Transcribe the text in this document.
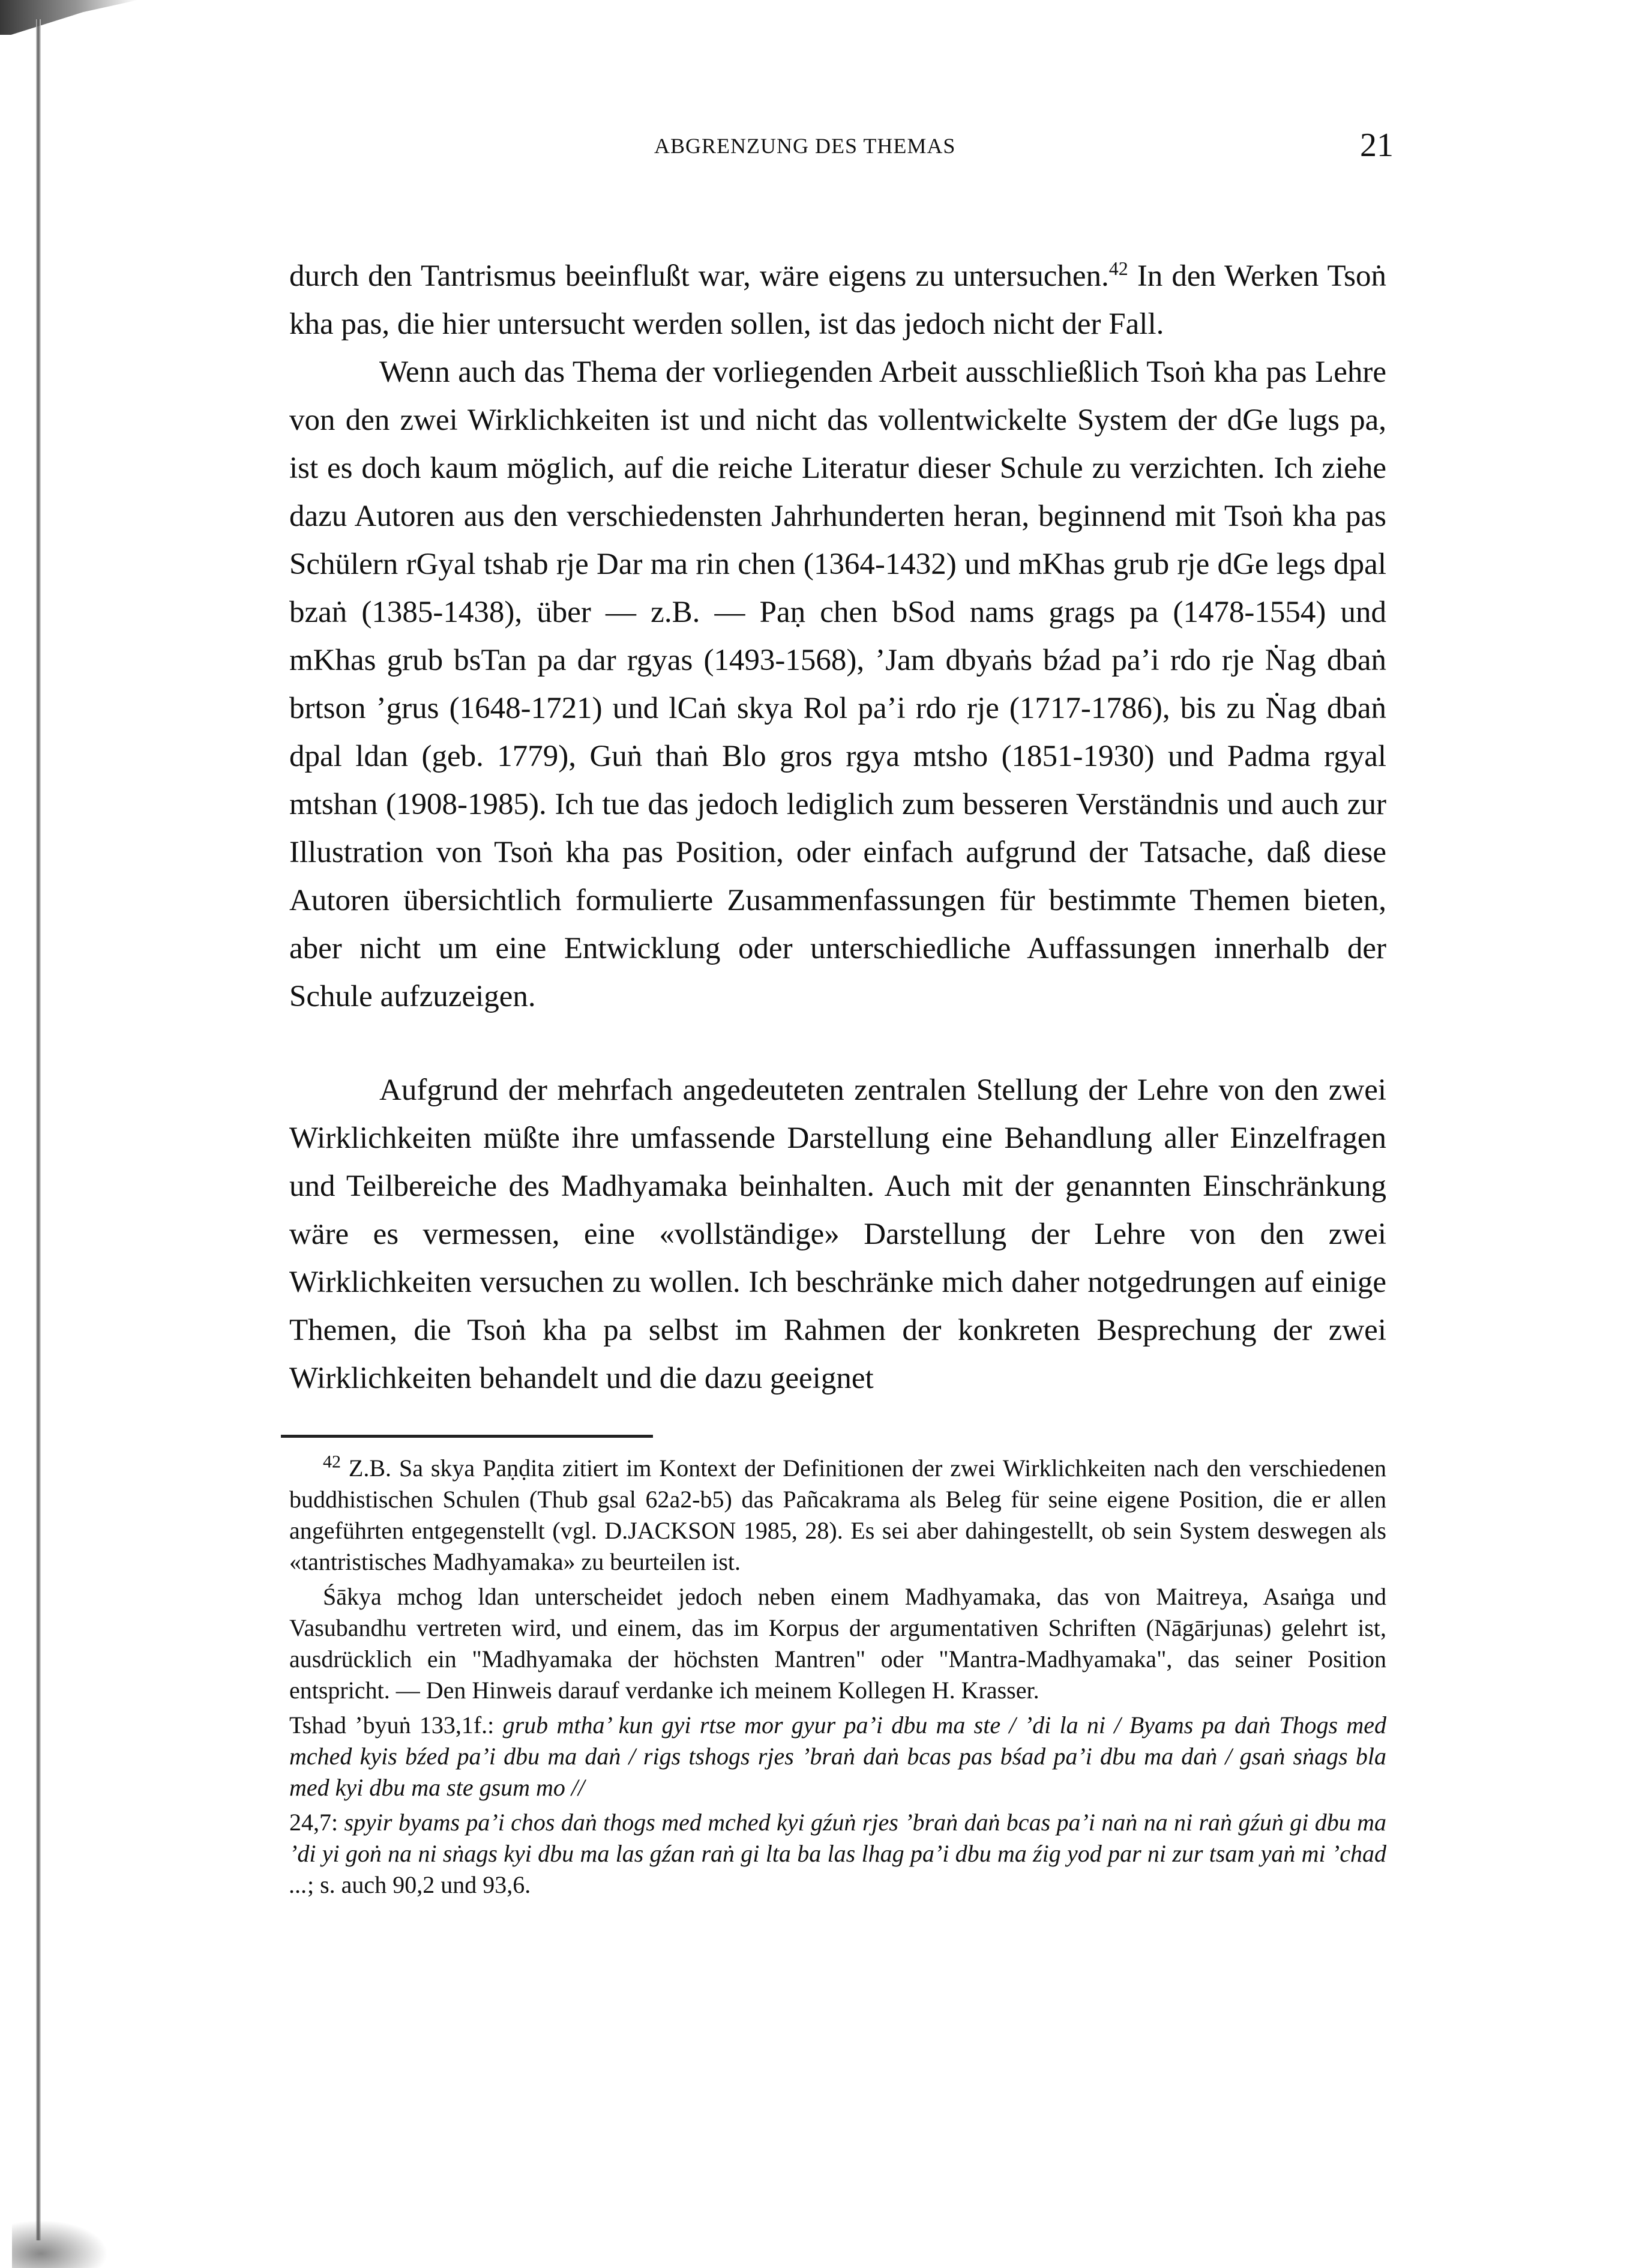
ABGRENZUNG DES THEMAS	21

durch den Tantrismus beeinflußt war, wäre eigens zu untersuchen.$^{42}$ In den Werken Tsoṅ kha pas, die hier untersucht werden sollen, ist das jedoch nicht der Fall.

Wenn auch das Thema der vorliegenden Arbeit ausschließlich Tsoṅ kha pas Lehre von den zwei Wirklichkeiten ist und nicht das vollentwickelte System der dGe lugs pa, ist es doch kaum möglich, auf die reiche Literatur dieser Schule zu verzichten. Ich ziehe dazu Autoren aus den verschiedensten Jahrhunderten heran, beginnend mit Tsoṅ kha pas Schülern rGyal tshab rje Dar ma rin chen (1364-1432) und mKhas grub rje dGe legs dpal bzaṅ (1385-1438), über — z.B. — Paṇ chen bSod nams grags pa (1478-1554) und mKhas grub bsTan pa dar rgyas (1493-1568), ’Jam dbyaṅs bźad pa’i rdo rje Ṅag dbaṅ brtson ’grus (1648-1721) und lCaṅ skya Rol pa’i rdo rje (1717-1786), bis zu Ṅag dbaṅ dpal ldan (geb. 1779), Guṅ thaṅ Blo gros rgya mtsho (1851-1930) und Padma rgyal mtshan (1908-1985). Ich tue das jedoch lediglich zum besseren Verständnis und auch zur Illustration von Tsoṅ kha pas Position, oder einfach aufgrund der Tatsache, daß diese Autoren übersichtlich formulierte Zusammenfassungen für bestimmte Themen bieten, aber nicht um eine Entwicklung oder unterschiedliche Auffassungen innerhalb der Schule aufzuzeigen.

Aufgrund der mehrfach angedeuteten zentralen Stellung der Lehre von den zwei Wirklichkeiten müßte ihre umfassende Darstellung eine Behandlung aller Einzelfragen und Teilbereiche des Madhyamaka beinhalten. Auch mit der genannten Einschränkung wäre es vermessen, eine «vollständige» Darstellung der Lehre von den zwei Wirklichkeiten versuchen zu wollen. Ich beschränke mich daher notgedrungen auf einige Themen, die Tsoṅ kha pa selbst im Rahmen der konkreten Besprechung der zwei Wirklichkeiten behandelt und die dazu geeignet

$^{42}$ Z.B. Sa skya Paṇḍita zitiert im Kontext der Definitionen der zwei Wirklichkeiten nach den verschiedenen buddhistischen Schulen (Thub gsal 62a2-b5) das Pañcakrama als Beleg für seine eigene Position, die er allen angeführten entgegenstellt (vgl. D.JACKSON 1985, 28). Es sei aber dahingestellt, ob sein System deswegen als «tantristisches Madhyamaka» zu beurteilen ist.

Śākya mchog ldan unterscheidet jedoch neben einem Madhyamaka, das von Maitreya, Asaṅga und Vasubandhu vertreten wird, und einem, das im Korpus der argumentativen Schriften (Nāgārjunas) gelehrt ist, ausdrücklich ein "Madhyamaka der höchsten Mantren" oder "Mantra-Madhyamaka", das seiner Position entspricht. — Den Hinweis darauf verdanke ich meinem Kollegen H. Krasser.

Tshad ’byuṅ 133,1f.: grub mtha’ kun gyi rtse mor gyur pa’i dbu ma ste / ’di la ni / Byams pa daṅ Thogs med mched kyis bźed pa’i dbu ma daṅ / rigs tshogs rjes ’braṅ daṅ bcas pas bśad pa’i dbu ma daṅ / gsaṅ sṅags bla med kyi dbu ma ste gsum mo //

24,7: spyir byams pa’i chos daṅ thogs med mched kyi gźuṅ rjes ’braṅ daṅ bcas pa’i naṅ na ni raṅ gźuṅ gi dbu ma ’di yi goṅ na ni sṅags kyi dbu ma las gźan raṅ gi lta ba las lhag pa’i dbu ma źig yod par ni zur tsam yaṅ mi ’chad ...; s. auch 90,2 und 93,6.
